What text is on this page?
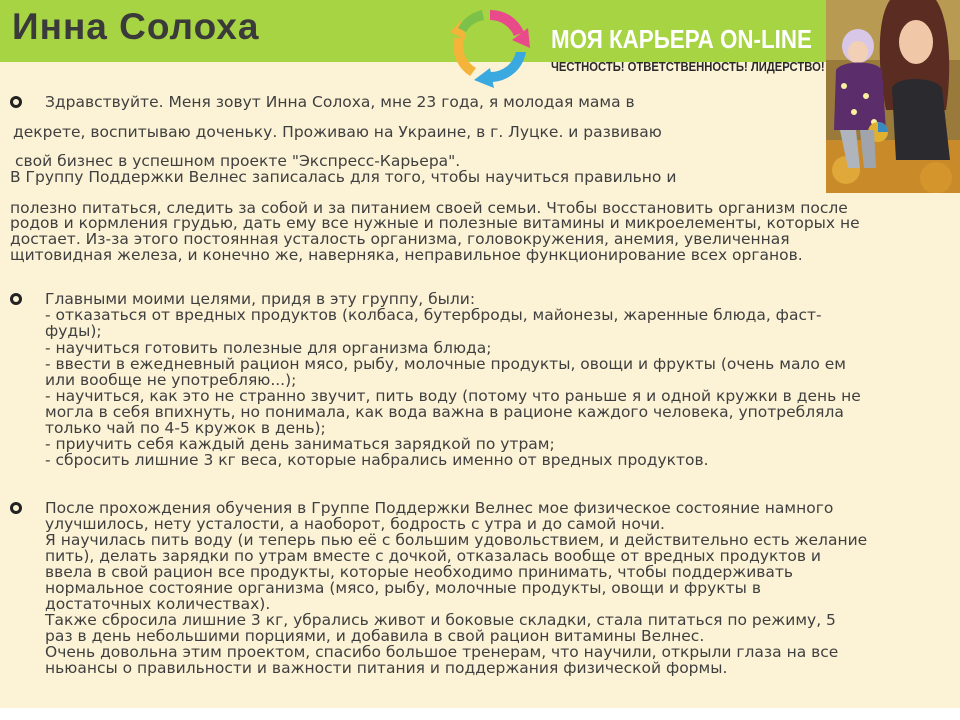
Инна Солоха	МОЯ КАРЬЕРА ON-LINE
ЧЕСТНОСТЬ! ОТВЕТСТВЕННОСТЬ! ЛИДЕРСТВО!
Здравствуйте. Меня зовут Инна Солоха, мне 23 года, я молодая мама в
декрете, воспитываю доченьку. Проживаю на Украине, в г. Луцке. и развиваю
свой бизнес в успешном проекте "Экспресс-Карьера".
В Группу Поддержки Велнес записалась для того, чтобы научиться правильно и
полезно питаться, следить за собой и за питанием своей семьи. Чтобы восстановить организм после
родов и кормления грудью, дать ему все нужные и полезные витамины и микроелементы, которых не
достает. Из-за этого постоянная усталость организма, головокружения, анемия, увеличенная
щитовидная железа, и конечно же, наверняка, неправильное функционирование всех органов.
Главными моими целями, придя в эту группу, были:
- отказаться от вредных продуктов (колбаса, бутерброды, майонезы, жаренные блюда, фаст-
фуды);
- научиться готовить полезные для организма блюда;
- ввести в ежедневный рацион мясо, рыбу, молочные продукты, овощи и фрукты (очень мало ем
или вообще не употребляю...);
- научиться, как это не странно звучит, пить воду (потому что раньше я и одной кружки в день не
могла в себя впихнуть, но понимала, как вода важна в рационе каждого человека, употребляла
только чай по 4-5 кружок в день);
- приучить себя каждый день заниматься зарядкой по утрам;
- сбросить лишние 3 кг веса, которые набрались именно от вредных продуктов.
После прохождения обучения в Группе Поддержки Велнес мое физическое состояние намного
улучшилось, нету усталости, а наоборот, бодрость с утра и до самой ночи.
Я научилась пить воду (и теперь пью её с большим удовольствием, и действительно есть желание
пить), делать зарядки по утрам вместе с дочкой, отказалась вообще от вредных продуктов и
ввела в свой рацион все продукты, которые необходимо принимать, чтобы поддерживать
нормальное состояние организма (мясо, рыбу, молочные продукты, овощи и фрукты в
достаточных количествах).
Также сбросила лишние 3 кг, убрались живот и боковые складки, стала питаться по режиму, 5
раз в день небольшими порциями, и добавила в свой рацион витамины Велнес.
Очень довольна этим проектом, спасибо большое тренерам, что научили, открыли глаза на все
ньюансы о правильности и важности питания и поддержания физической формы.
